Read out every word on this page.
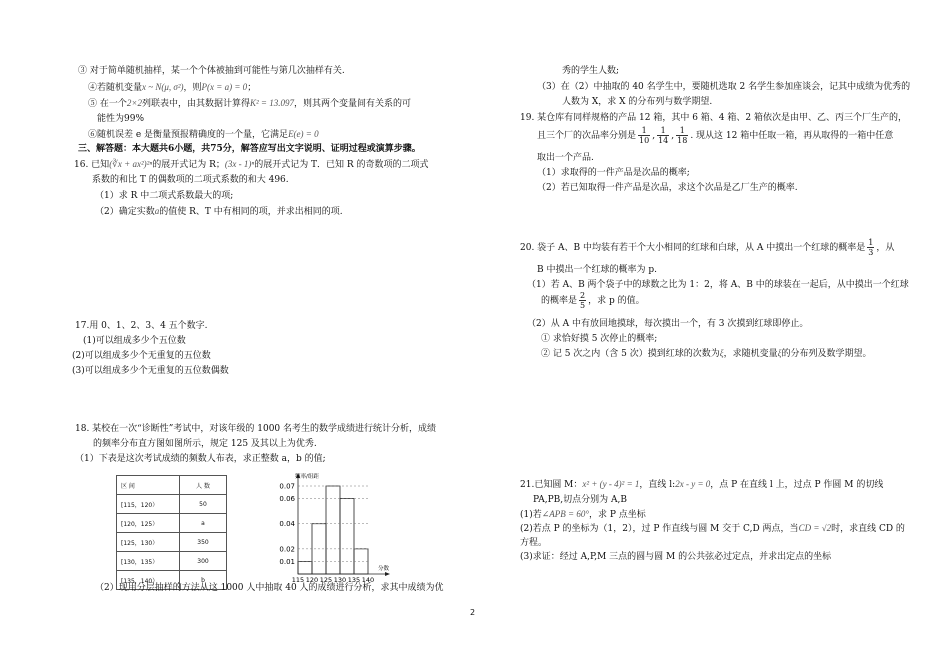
③ 对于简单随机抽样，某一个个体被抽到可能性与第几次抽样有关.
④若随机变量x ~ N(μ, σ²)，则P(x = a) = 0；
⑤ 在一个2×2列联表中，由其数据计算得K² = 13.097，则其两个变量间有关系的可
能性为99%
⑥随机误差 e 是衡量预报精确度的一个量，它满足E(e) = 0
三、解答题：本大题共6小题，共75分，解答应写出文字说明、证明过程或演算步骤。
16. 已知(∛x + ax²)²ⁿ的展开式记为 R；(3x - 1)ⁿ的展开式记为 T．已知 R 的奇数项的二项式
系数的和比 T 的偶数项的二项式系数的和大 496.
（1）求 R 中二项式系数最大的项;
（2）确定实数a的值使 R、T 中有相同的项，并求出相同的项.
17.用 0、1、2、3、4 五个数字.
(1)可以组成多少个五位数
(2)可以组成多少个无重复的五位数
(3)可以组成多少个无重复的五位数偶数
18. 某校在一次“诊断性”考试中，对该年级的 1000 名考生的数学成绩进行统计分析，成绩
的频率分布直方图如图所示，规定 125 及其以上为优秀.
（1）下表是这次考试成绩的频数人布表，求正整数 a，b 的值;
区 间	人 数
[115，120）	50
[120，125）	a
[125，130）	350
[130，135）	300
[135，140）	b
频率/组距
分数
0.01
0.02
0.04
0.06
0.07
115 120 125 130 135 140
（2）现用分层抽样的方法从这 1000 人中抽取 40 人的成绩进行分析，求其中成绩为优
秀的学生人数;
（3）在（2）中抽取的 40 名学生中，要随机选取 2 名学生参加座谈会，记其中成绩为优秀的
人数为 X，求 X 的分布列与数学期望.
19. 某仓库有同样规格的产品 12 箱，其中 6 箱、4 箱、2 箱依次是由甲、乙、丙三个厂生产的，
且三个厂的次品率分别是 $\frac{1}{10}$ , $\frac{1}{14}$ , $\frac{1}{18}$ . 现从这 12 箱中任取一箱，再从取得的一箱中任意
取出一个产品.
（1）求取得的一件产品是次品的概率;
（2）若已知取得一件产品是次品，求这个次品是乙厂生产的概率.
20. 袋子 A、B 中均装有若干个大小相同的红球和白球，从 A 中摸出一个红球的概率是 $\frac{1}{3}$ ，从
B 中摸出一个红球的概率为 p.
（1）若 A、B 两个袋子中的球数之比为 1：2，将 A、B 中的球装在一起后，从中摸出一个红球
的概率是 $\frac{2}{5}$ ，求 p 的值。
（2）从 A 中有放回地摸球，每次摸出一个，有 3 次摸到红球即停止。
① 求恰好摸 5 次停止的概率;
② 记 5 次之内（含 5 次）摸到红球的次数为ξ，求随机变量ξ的分布列及数学期望。
21.已知圆 M：x² + (y - 4)² = 1，直线 l:2x - y = 0，点 P 在直线 l 上，过点 P 作圆 M 的切线
PA,PB,切点分别为 A,B
(1)若∠APB = 60°，求 P 点坐标
(2)若点 P 的坐标为（1，2），过 P 作直线与圆 M 交于 C,D 两点，当CD = √2时，求直线 CD 的
方程。
(3)求证：经过 A,P,M 三点的圆与圆 M 的公共弦必过定点，并求出定点的坐标
2
